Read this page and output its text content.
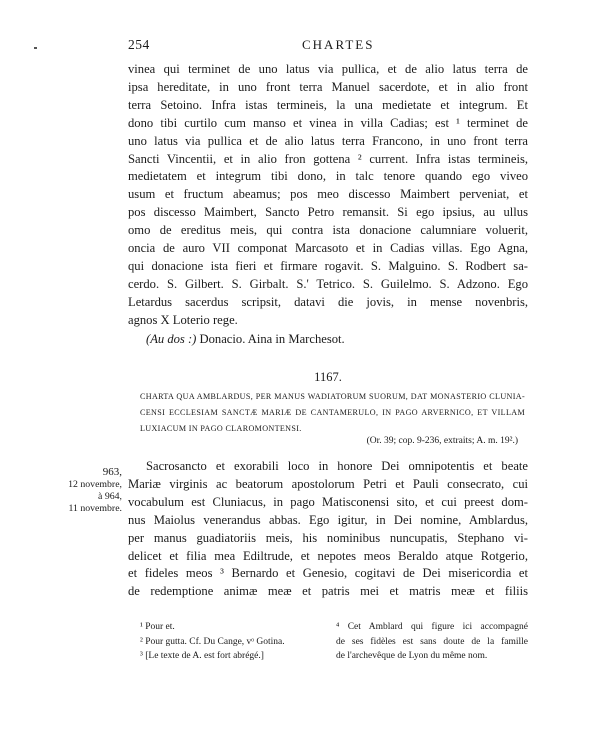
254	CHARTES
vinea qui terminet de uno latus via pullica, et de alio latus terra de
ipsa hereditate, in uno front terra Manuel sacerdote, et in alio front
terra Setoino. Infra istas termineis, la una medietate et integrum. Et
dono tibi curtilo cum manso et vinea in villa Cadias; est ¹ terminet de
uno latus via pullica et de alio latus terra Francono, in uno front terra
Sancti Vincentii, et in alio fron gottena ² current. Infra istas termineis,
medietatem et integrum tibi dono, in talc tenore quando ego viveo
usum et fructum abeamus; pos meo discesso Maimbert perveniat, et
pos discesso Maimbert, Sancto Petro remansit. Si ego ipsius, au ullus
omo de ereditus meis, qui contra ista donacione calumniare voluerit,
oncia de auro VII componat Marcasoto et in Cadias villas. Ego Agna,
qui donacione ista fieri et firmare rogavit. S. Malguino. S. Rodbert sa-
cerdo. S. Gilbert. S. Girbalt. S.' Tetrico. S. Guilelmo. S. Adzono. Ego
Letardus sacerdus scripsit, datavi die jovis, in mense novenbris,
agnos X Loterio rege.
(Au dos :) Donacio. Aina in Marchesot.
1167.
CHARTA QUA AMBLARDUS, PER MANUS WADIATORUM SUORUM, DAT MONASTERIO CLUNIA-
CENSI ECCLESIAM SANCTÆ MARIÆ DE CANTAMERULO, IN PAGO ARVERNICO, ET VILLAM
LUXIACUM IN PAGO CLAROMONTENSI.
(Or. 39; cop. 9-236, extraits; A. m. 19².)
963,
12 novembre,
à 964,
11 novembre.
Sacrosancto et exorabili loco in honore Dei omnipotentis et beate
Mariæ virginis ac beatorum apostolorum Petri et Pauli consecrato, cui
vocabulum est Cluniacus, in pago Matisconensi sito, et cui preest dom-
nus Maiolus venerandus abbas. Ego igitur, in Dei nomine, Amblardus,
per manus guadiatoriis meis, his nominibus nuncupatis, Stephano vi-
delicet et filia mea Ediltrude, et nepotes meos Beraldo atque Rotgerio,
et fideles meos ³ Bernardo et Genesio, cogitavi de Dei misericordia et
de redemptione animæ meæ et patris mei et matris meæ et filiis
¹ Pour et.
² Pour gutta. Cf. Du Cange, vᵒ Gotina.
³ [Le texte de A. est fort abrégé.]
⁴ Cet Amblard qui figure ici accompagné
de ses fidèles est sans doute de la famille
de l'archevêque de Lyon du même nom.
